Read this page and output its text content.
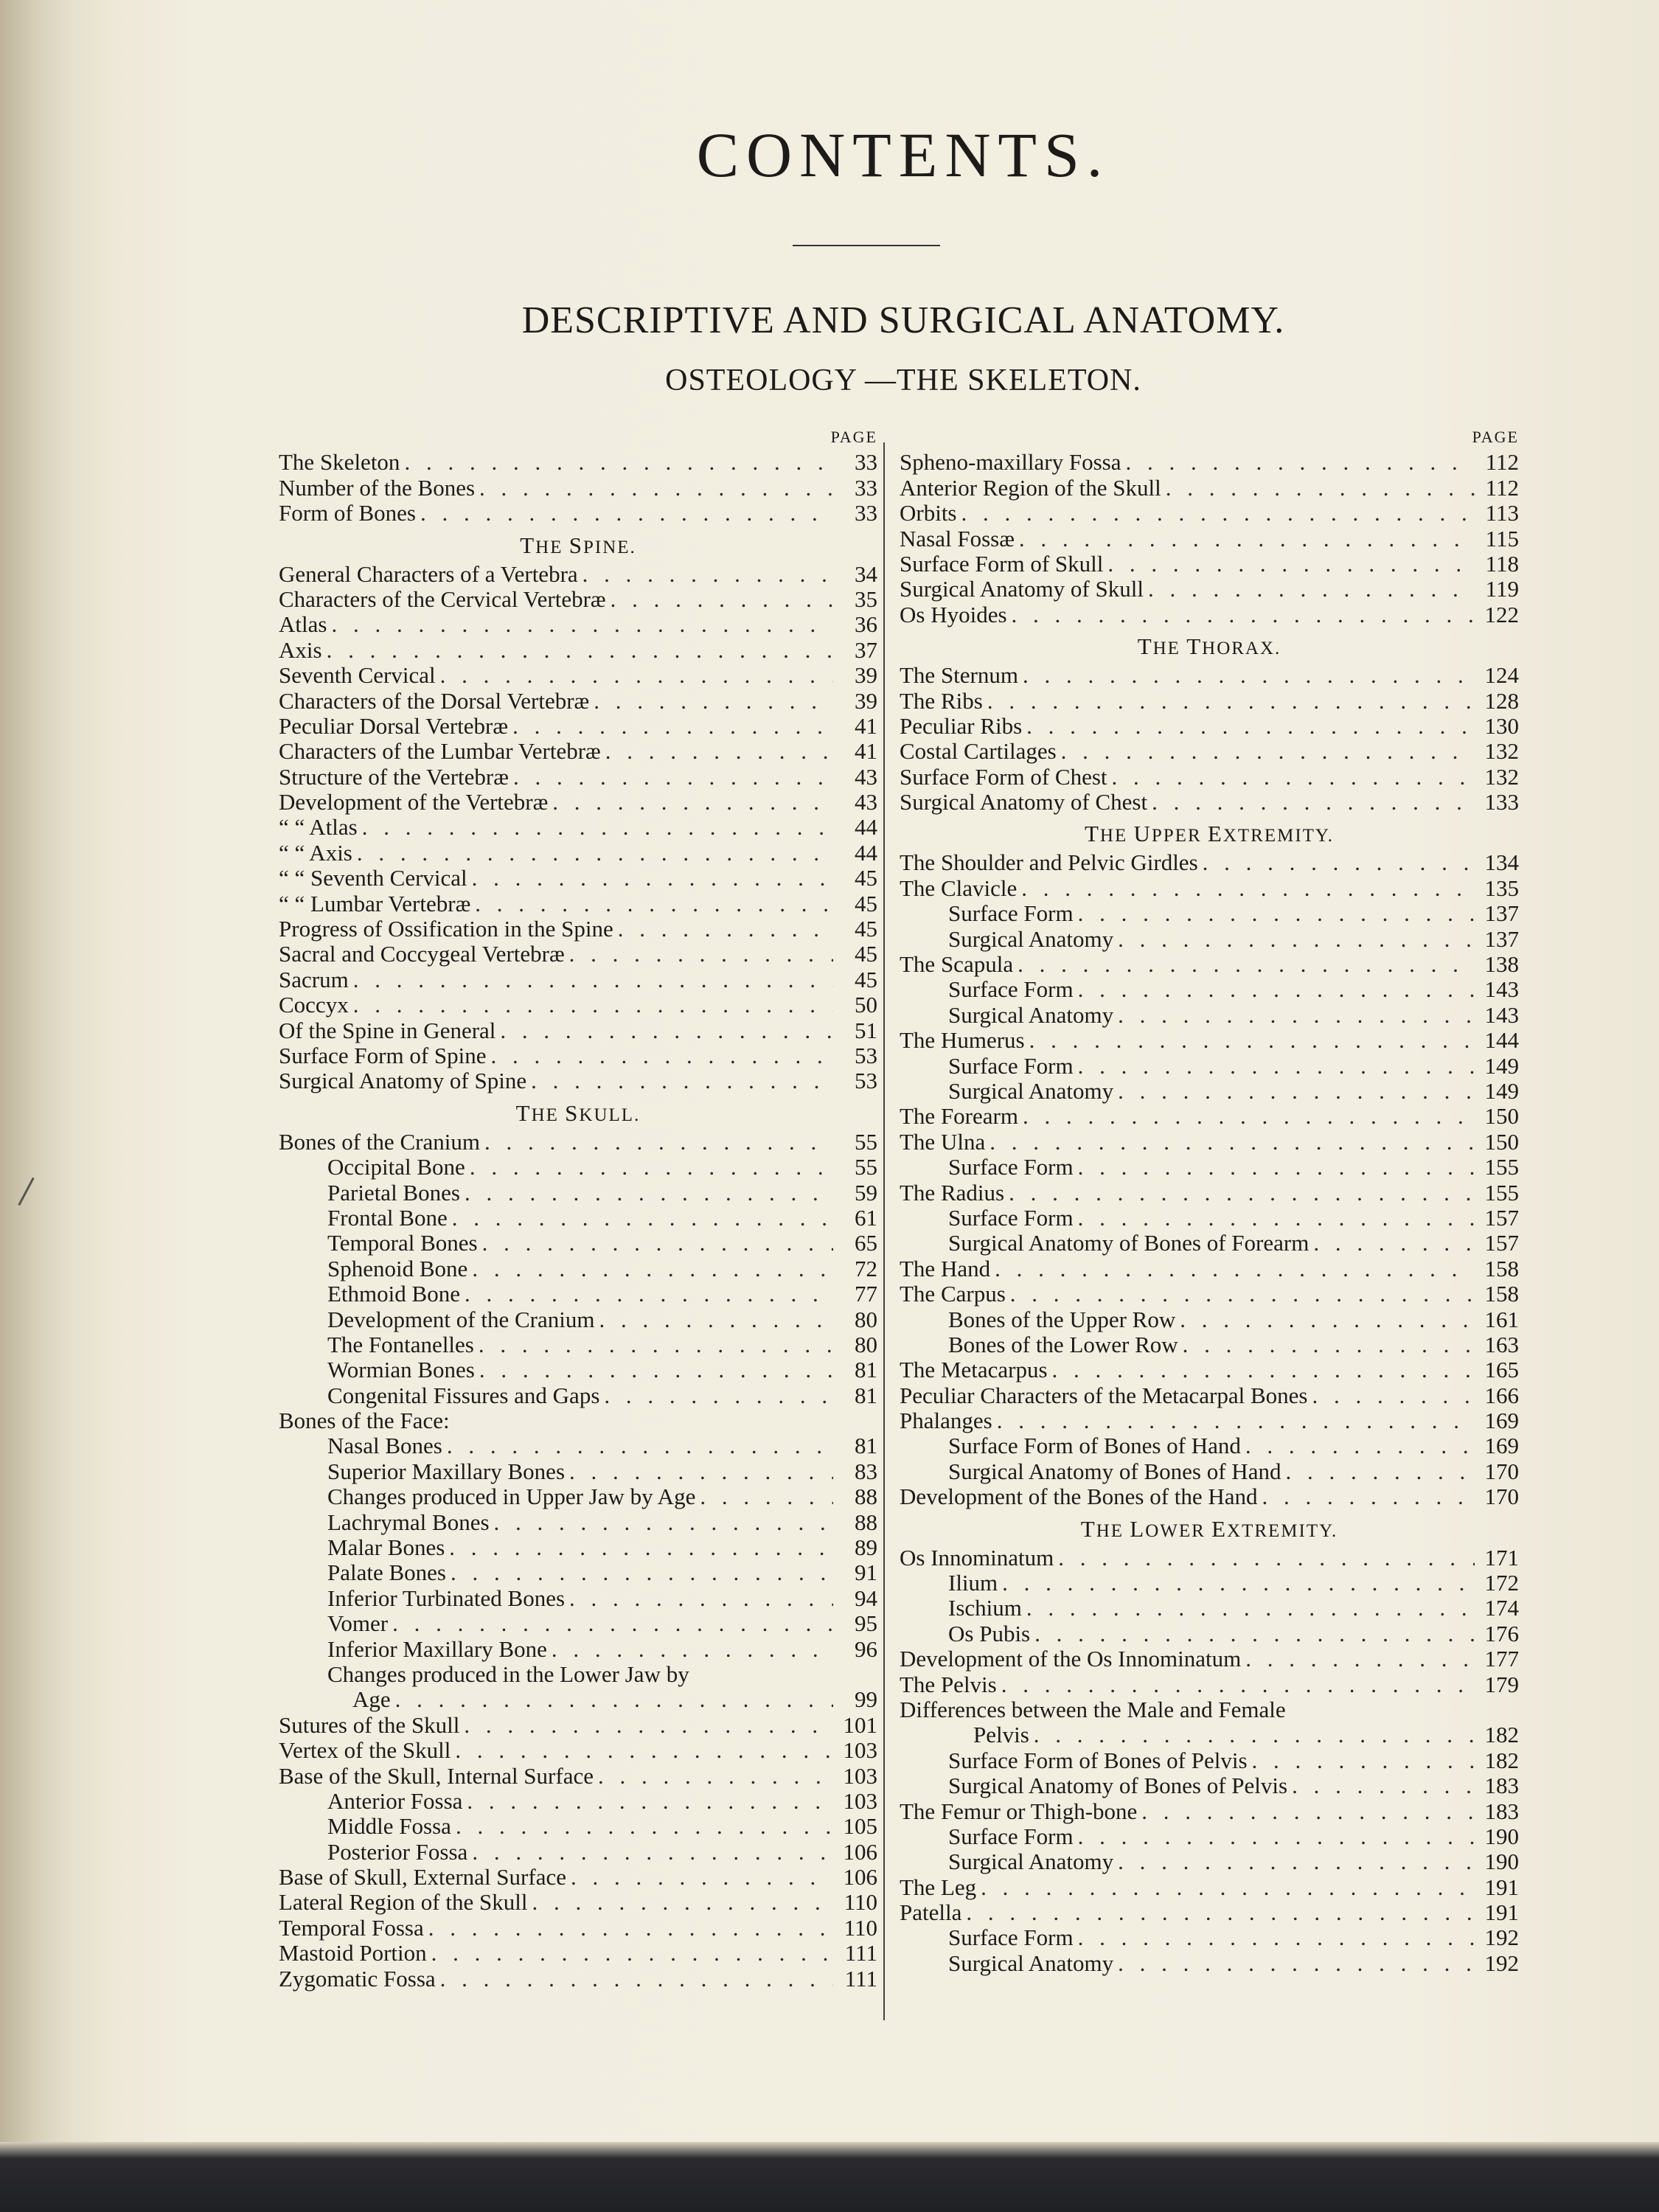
CONTENTS.
DESCRIPTIVE AND SURGICAL ANATOMY.
OSTEOLOGY —THE SKELETON.
PAGE
The Skeleton . . .	33
Number of the Bones . . .	33
Form of Bones . . .	33
THE SPINE.
General Characters of a Vertebra . . .	34
Characters of the Cervical Vertebræ . . .	35
Atlas . . .	36
Axis . . .	37
Seventh Cervical . . .	39
Characters of the Dorsal Vertebræ . . .	39
Peculiar Dorsal Vertebræ . . .	41
Characters of the Lumbar Vertebræ . . .	41
Structure of the Vertebræ . . .	43
Development of the Vertebræ . . .	43
“ “ Atlas . . .	44
“ “ Axis . . .	44
“ “ Seventh Cervical . . .	45
“ “ Lumbar Vertebræ . . .	45
Progress of Ossification in the Spine . . .	45
Sacral and Coccygeal Vertebræ . . .	45
Sacrum . . .	45
Coccyx . . .	50
Of the Spine in General . . .	51
Surface Form of Spine . . .	53
Surgical Anatomy of Spine . . .	53
THE SKULL.
Bones of the Cranium . . .	55
Occipital Bone . . .	55
Parietal Bones . . .	59
Frontal Bone . . .	61
Temporal Bones . . .	65
Sphenoid Bone . . .	72
Ethmoid Bone . . .	77
Development of the Cranium . . .	80
The Fontanelles . . .	80
Wormian Bones . . .	81
Congenital Fissures and Gaps . . .	81
Bones of the Face:
Nasal Bones . . .	81
Superior Maxillary Bones . . .	83
Changes produced in Upper Jaw by Age . . .	88
Lachrymal Bones . . .	88
Malar Bones . . .	89
Palate Bones . . .	91
Inferior Turbinated Bones . . .	94
Vomer . . .	95
Inferior Maxillary Bone . . .	96
Changes produced in the Lower Jaw by
Age . . .	99
Sutures of the Skull . . .	101
Vertex of the Skull . . .	103
Base of the Skull, Internal Surface . . .	103
Anterior Fossa . . .	103
Middle Fossa . . .	105
Posterior Fossa . . .	106
Base of Skull, External Surface . . .	106
Lateral Region of the Skull . . .	110
Temporal Fossa . . .	110
Mastoid Portion . . .	111
Zygomatic Fossa . . .	111
PAGE
Spheno-maxillary Fossa . . .	112
Anterior Region of the Skull . . .	112
Orbits . . .	113
Nasal Fossæ . . .	115
Surface Form of Skull . . .	118
Surgical Anatomy of Skull . . .	119
Os Hyoides . . .	122
THE THORAX.
The Sternum . . .	124
The Ribs . . .	128
Peculiar Ribs . . .	130
Costal Cartilages . . .	132
Surface Form of Chest . . .	132
Surgical Anatomy of Chest . . .	133
THE UPPER EXTREMITY.
The Shoulder and Pelvic Girdles . . .	134
The Clavicle . . .	135
Surface Form . . .	137
Surgical Anatomy . . .	137
The Scapula . . .	138
Surface Form . . .	143
Surgical Anatomy . . .	143
The Humerus . . .	144
Surface Form . . .	149
Surgical Anatomy . . .	149
The Forearm . . .	150
The Ulna . . .	150
Surface Form . . .	155
The Radius . . .	155
Surface Form . . .	157
Surgical Anatomy of Bones of Forearm . . .	157
The Hand . . .	158
The Carpus . . .	158
Bones of the Upper Row . . .	161
Bones of the Lower Row . . .	163
The Metacarpus . . .	165
Peculiar Characters of the Metacarpal Bones . . .	166
Phalanges . . .	169
Surface Form of Bones of Hand . . .	169
Surgical Anatomy of Bones of Hand . . .	170
Development of the Bones of the Hand . . .	170
THE LOWER EXTREMITY.
Os Innominatum . . .	171
Ilium . . .	172
Ischium . . .	174
Os Pubis . . .	176
Development of the Os Innominatum . . .	177
The Pelvis . . .	179
Differences between the Male and Female
Pelvis . . .	182
Surface Form of Bones of Pelvis . . .	182
Surgical Anatomy of Bones of Pelvis . . .	183
The Femur or Thigh-bone . . .	183
Surface Form . . .	190
Surgical Anatomy . . .	190
The Leg . . .	191
Patella . . .	191
Surface Form . . .	192
Surgical Anatomy . . .	192
